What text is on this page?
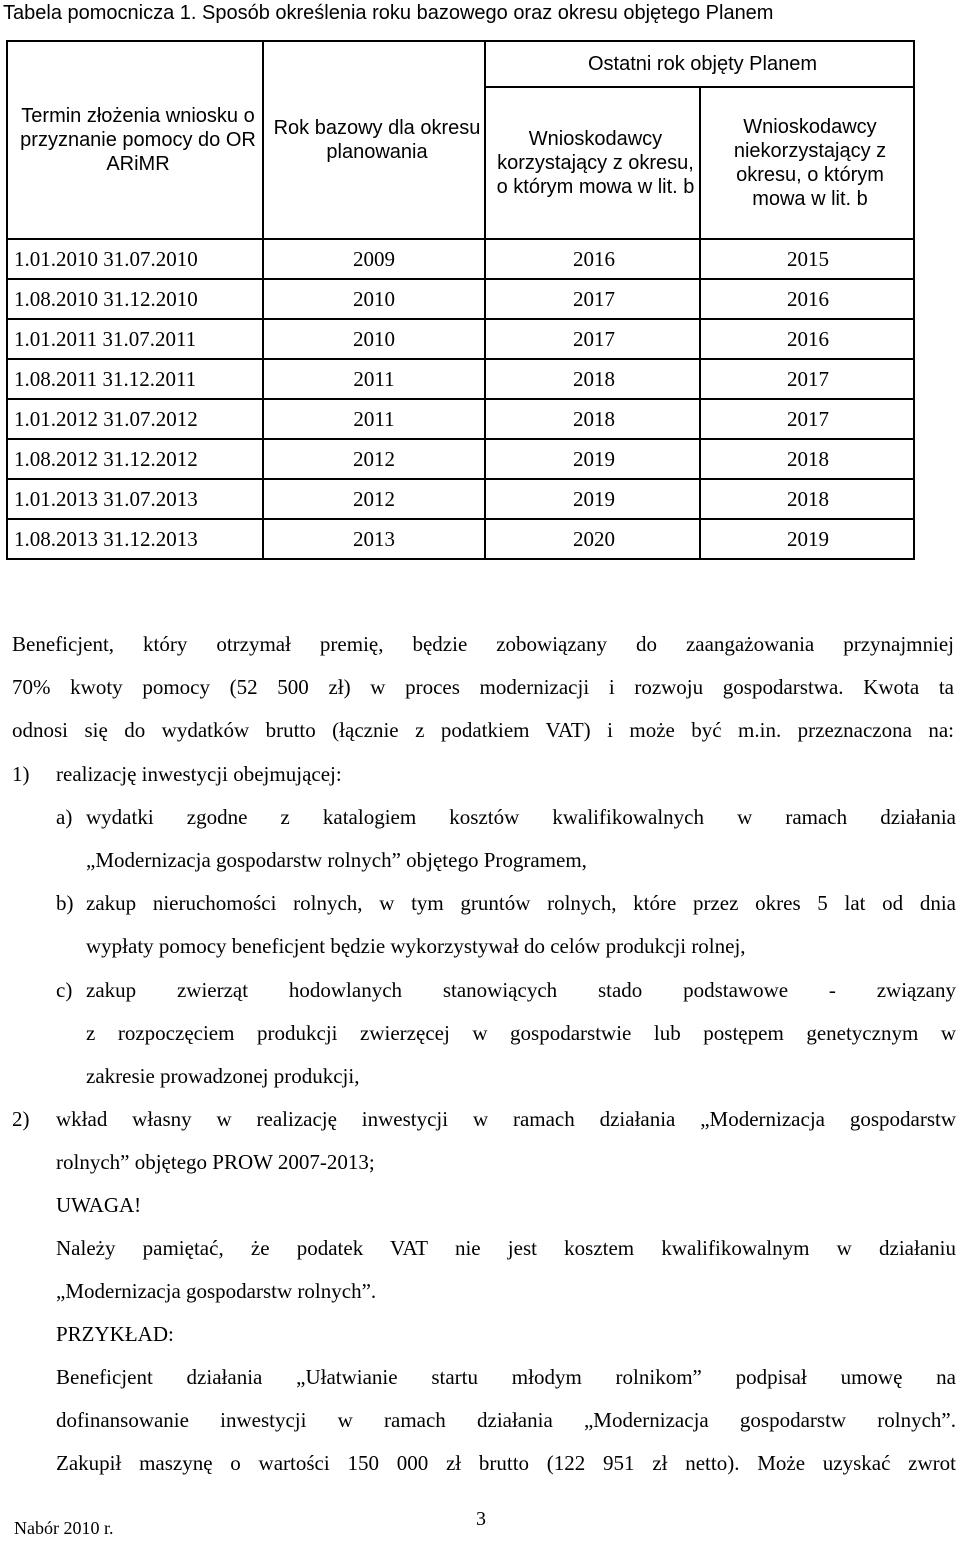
Tabela pomocnicza 1. Sposób określenia roku bazowego oraz okresu objętego Planem
Termin złożenia wniosku o przyznanie pomocy do OR ARiMR	Rok bazowy dla okresu planowania	Ostatni rok objęty Planem	
		Wnioskodawcy korzystający z okresu, o którym mowa w lit. b	Wnioskodawcy niekorzystający z okresu, o którym mowa w lit. b
1.01.2010 31.07.2010	2009	2016	2015
1.08.2010 31.12.2010	2010	2017	2016
1.01.2011 31.07.2011	2010	2017	2016
1.08.2011 31.12.2011	2011	2018	2017
1.01.2012 31.07.2012	2011	2018	2017
1.08.2012 31.12.2012	2012	2019	2018
1.01.2013 31.07.2013	2012	2019	2018
1.08.2013 31.12.2013	2013	2020	2019
Beneficjent, który otrzymał premię, będzie zobowiązany do zaangażowania przynajmniej
70% kwoty pomocy (52 500 zł) w proces modernizacji i rozwoju gospodarstwa. Kwota ta
odnosi się do wydatków brutto (łącznie z podatkiem VAT) i może być m.in. przeznaczona na:
1) realizację inwestycji obejmującej:
a) wydatki zgodne z katalogiem kosztów kwalifikowalnych w ramach działania
„Modernizacja gospodarstw rolnych” objętego Programem,
b) zakup nieruchomości rolnych, w tym gruntów rolnych, które przez okres 5 lat od dnia
wypłaty pomocy beneficjent będzie wykorzystywał do celów produkcji rolnej,
c) zakup zwierząt hodowlanych stanowiących stado podstawowe - związany
z rozpoczęciem produkcji zwierzęcej w gospodarstwie lub postępem genetycznym w
zakresie prowadzonej produkcji,
2) wkład własny w realizację inwestycji w ramach działania „Modernizacja gospodarstw
rolnych” objętego PROW 2007-2013;
UWAGA!
Należy pamiętać, że podatek VAT nie jest kosztem kwalifikowalnym w działaniu
„Modernizacja gospodarstw rolnych”.
PRZYKŁAD:
Beneficjent działania „Ułatwianie startu młodym rolnikom” podpisał umowę na
dofinansowanie inwestycji w ramach działania „Modernizacja gospodarstw rolnych”.
Zakupił maszynę o wartości 150 000 zł brutto (122 951 zł netto). Może uzyskać zwrot
3
Nabór 2010 r.
